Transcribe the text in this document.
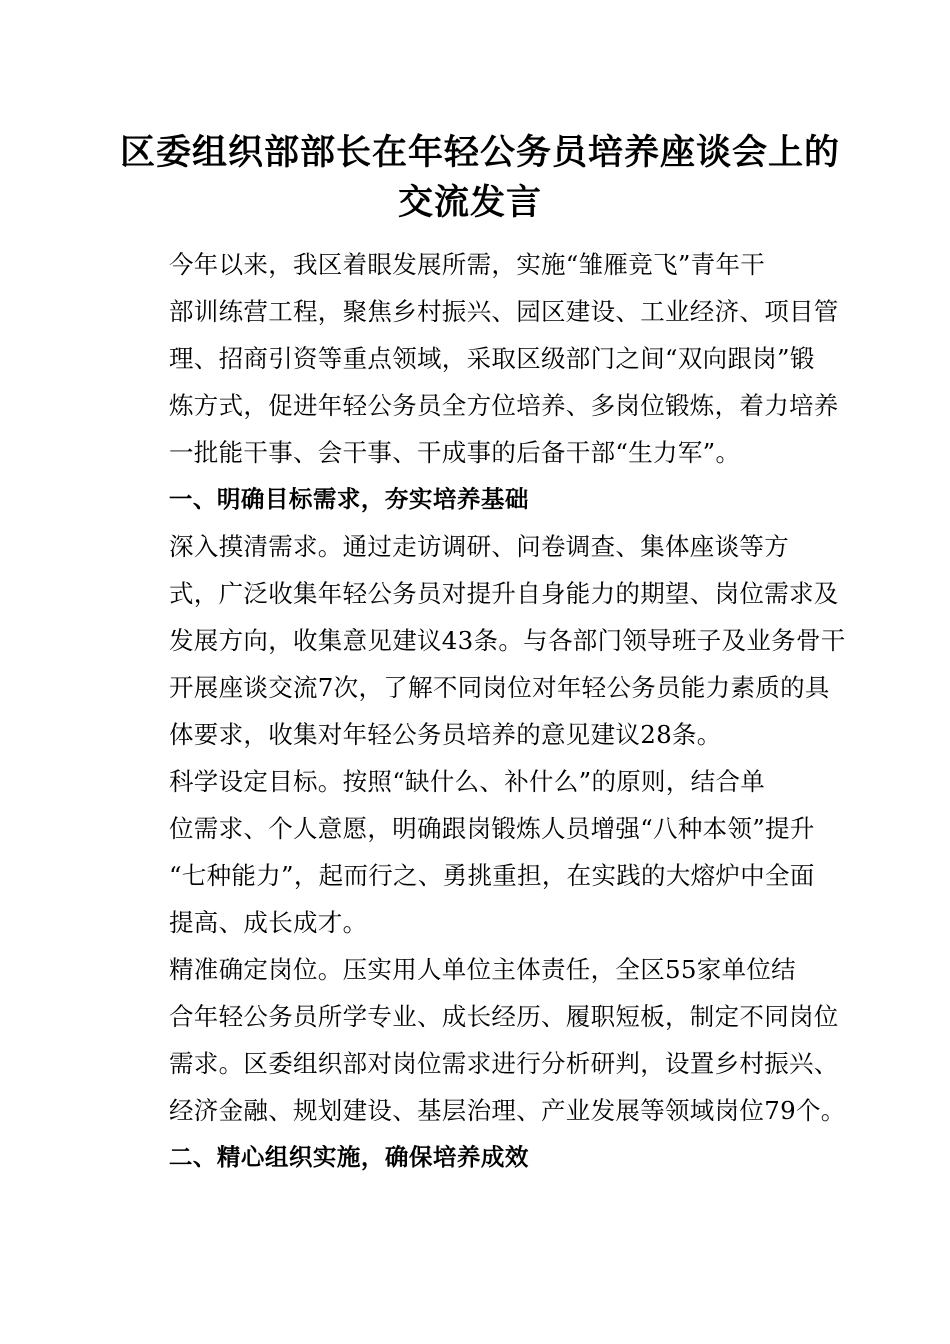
区委组织部部长在年轻公务员培养座谈会上的
交流发言

今年以来，我区着眼发展所需，实施“雏雁竞飞”青年干
部训练营工程，聚焦乡村振兴、园区建设、工业经济、项目管
理、招商引资等重点领域，采取区级部门之间“双向跟岗”锻
炼方式，促进年轻公务员全方位培养、多岗位锻炼，着力培养
一批能干事、会干事、干成事的后备干部“生力军”。

一、明确目标需求，夯实培养基础

深入摸清需求。通过走访调研、问卷调查、集体座谈等方
式，广泛收集年轻公务员对提升自身能力的期望、岗位需求及
发展方向，收集意见建议43条。与各部门领导班子及业务骨干
开展座谈交流7次，了解不同岗位对年轻公务员能力素质的具
体要求，收集对年轻公务员培养的意见建议28条。

科学设定目标。按照“缺什么、补什么”的原则，结合单
位需求、个人意愿，明确跟岗锻炼人员增强“八种本领”提升
“七种能力”，起而行之、勇挑重担，在实践的大熔炉中全面
提高、成长成才。

精准确定岗位。压实用人单位主体责任，全区55家单位结
合年轻公务员所学专业、成长经历、履职短板，制定不同岗位
需求。区委组织部对岗位需求进行分析研判，设置乡村振兴、
经济金融、规划建设、基层治理、产业发展等领域岗位79个。

二、精心组织实施，确保培养成效
